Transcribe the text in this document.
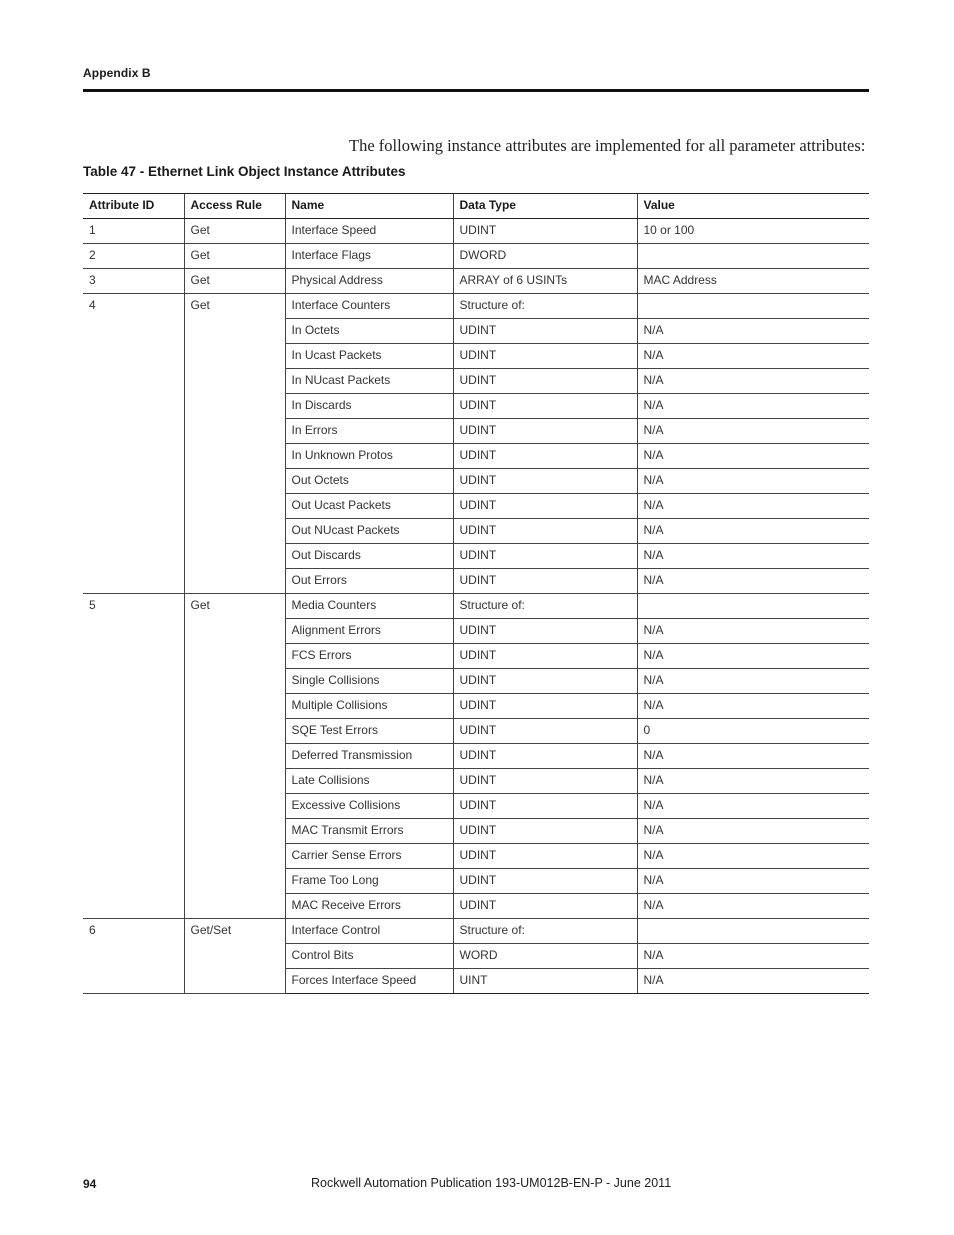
Appendix B
The following instance attributes are implemented for all parameter attributes:
Table 47 - Ethernet Link Object Instance Attributes
Attribute ID	Access Rule	Name	Data Type	Value
1	Get	Interface Speed	UDINT	10 or 100
2	Get	Interface Flags	DWORD	
3	Get	Physical Address	ARRAY of 6 USINTs	MAC Address
4	Get	Interface Counters	Structure of:	
		In Octets	UDINT	N/A
		In Ucast Packets	UDINT	N/A
		In NUcast Packets	UDINT	N/A
		In Discards	UDINT	N/A
		In Errors	UDINT	N/A
		In Unknown Protos	UDINT	N/A
		Out Octets	UDINT	N/A
		Out Ucast Packets	UDINT	N/A
		Out NUcast Packets	UDINT	N/A
		Out Discards	UDINT	N/A
		Out Errors	UDINT	N/A
5	Get	Media Counters	Structure of:	
		Alignment Errors	UDINT	N/A
		FCS Errors	UDINT	N/A
		Single Collisions	UDINT	N/A
		Multiple Collisions	UDINT	N/A
		SQE Test Errors	UDINT	0
		Deferred Transmission	UDINT	N/A
		Late Collisions	UDINT	N/A
		Excessive Collisions	UDINT	N/A
		MAC Transmit Errors	UDINT	N/A
		Carrier Sense Errors	UDINT	N/A
		Frame Too Long	UDINT	N/A
		MAC Receive Errors	UDINT	N/A
6	Get/Set	Interface Control	Structure of:	
		Control Bits	WORD	N/A
		Forces Interface Speed	UINT	N/A
94	Rockwell Automation Publication 193-UM012B-EN-P - June 2011
